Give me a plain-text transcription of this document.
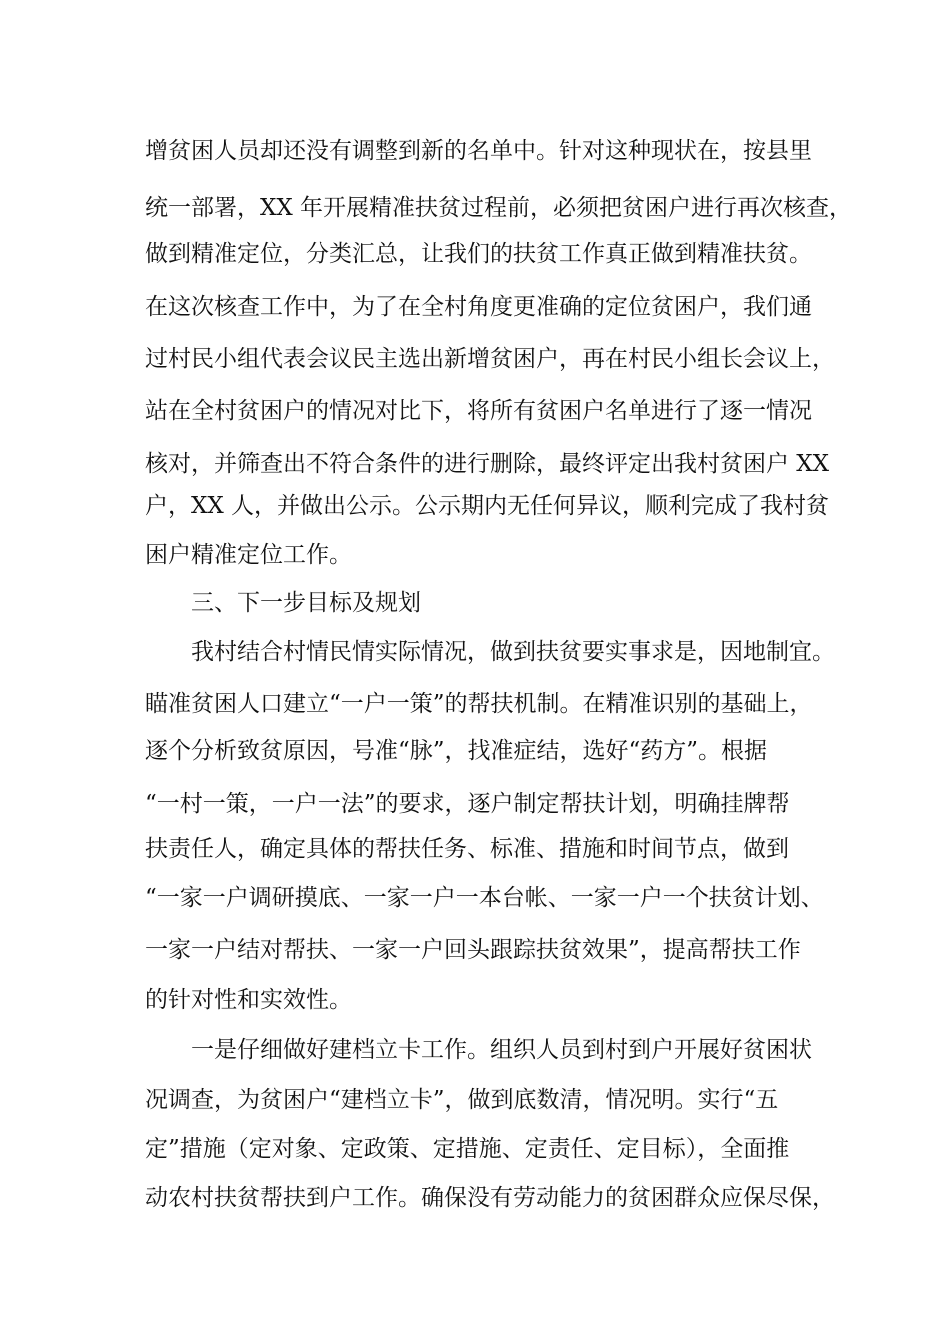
增贫困人员却还没有调整到新的名单中。针对这种现状在，按县里
统一部署，XX 年开展精准扶贫过程前，必须把贫困户进行再次核查，
做到精准定位，分类汇总，让我们的扶贫工作真正做到精准扶贫。
在这次核查工作中，为了在全村角度更准确的定位贫困户，我们通
过村民小组代表会议民主选出新增贫困户，再在村民小组长会议上，
站在全村贫困户的情况对比下，将所有贫困户名单进行了逐一情况
核对，并筛查出不符合条件的进行删除，最终评定出我村贫困户 XX
户，XX 人，并做出公示。公示期内无任何异议，顺利完成了我村贫
困户精准定位工作。
三、下一步目标及规划
我村结合村情民情实际情况，做到扶贫要实事求是，因地制宜。
瞄准贫困人口建立“一户一策”的帮扶机制。在精准识别的基础上，
逐个分析致贫原因，号准“脉”，找准症结，选好“药方”。根据
“一村一策，一户一法”的要求，逐户制定帮扶计划，明确挂牌帮
扶责任人，确定具体的帮扶任务、标准、措施和时间节点，做到
“一家一户调研摸底、一家一户一本台帐、一家一户一个扶贫计划、
一家一户结对帮扶、一家一户回头跟踪扶贫效果”，提高帮扶工作
的针对性和实效性。
一是仔细做好建档立卡工作。组织人员到村到户开展好贫困状
况调查，为贫困户“建档立卡”，做到底数清，情况明。实行“五
定”措施（定对象、定政策、定措施、定责任、定目标），全面推
动农村扶贫帮扶到户工作。确保没有劳动能力的贫困群众应保尽保，
